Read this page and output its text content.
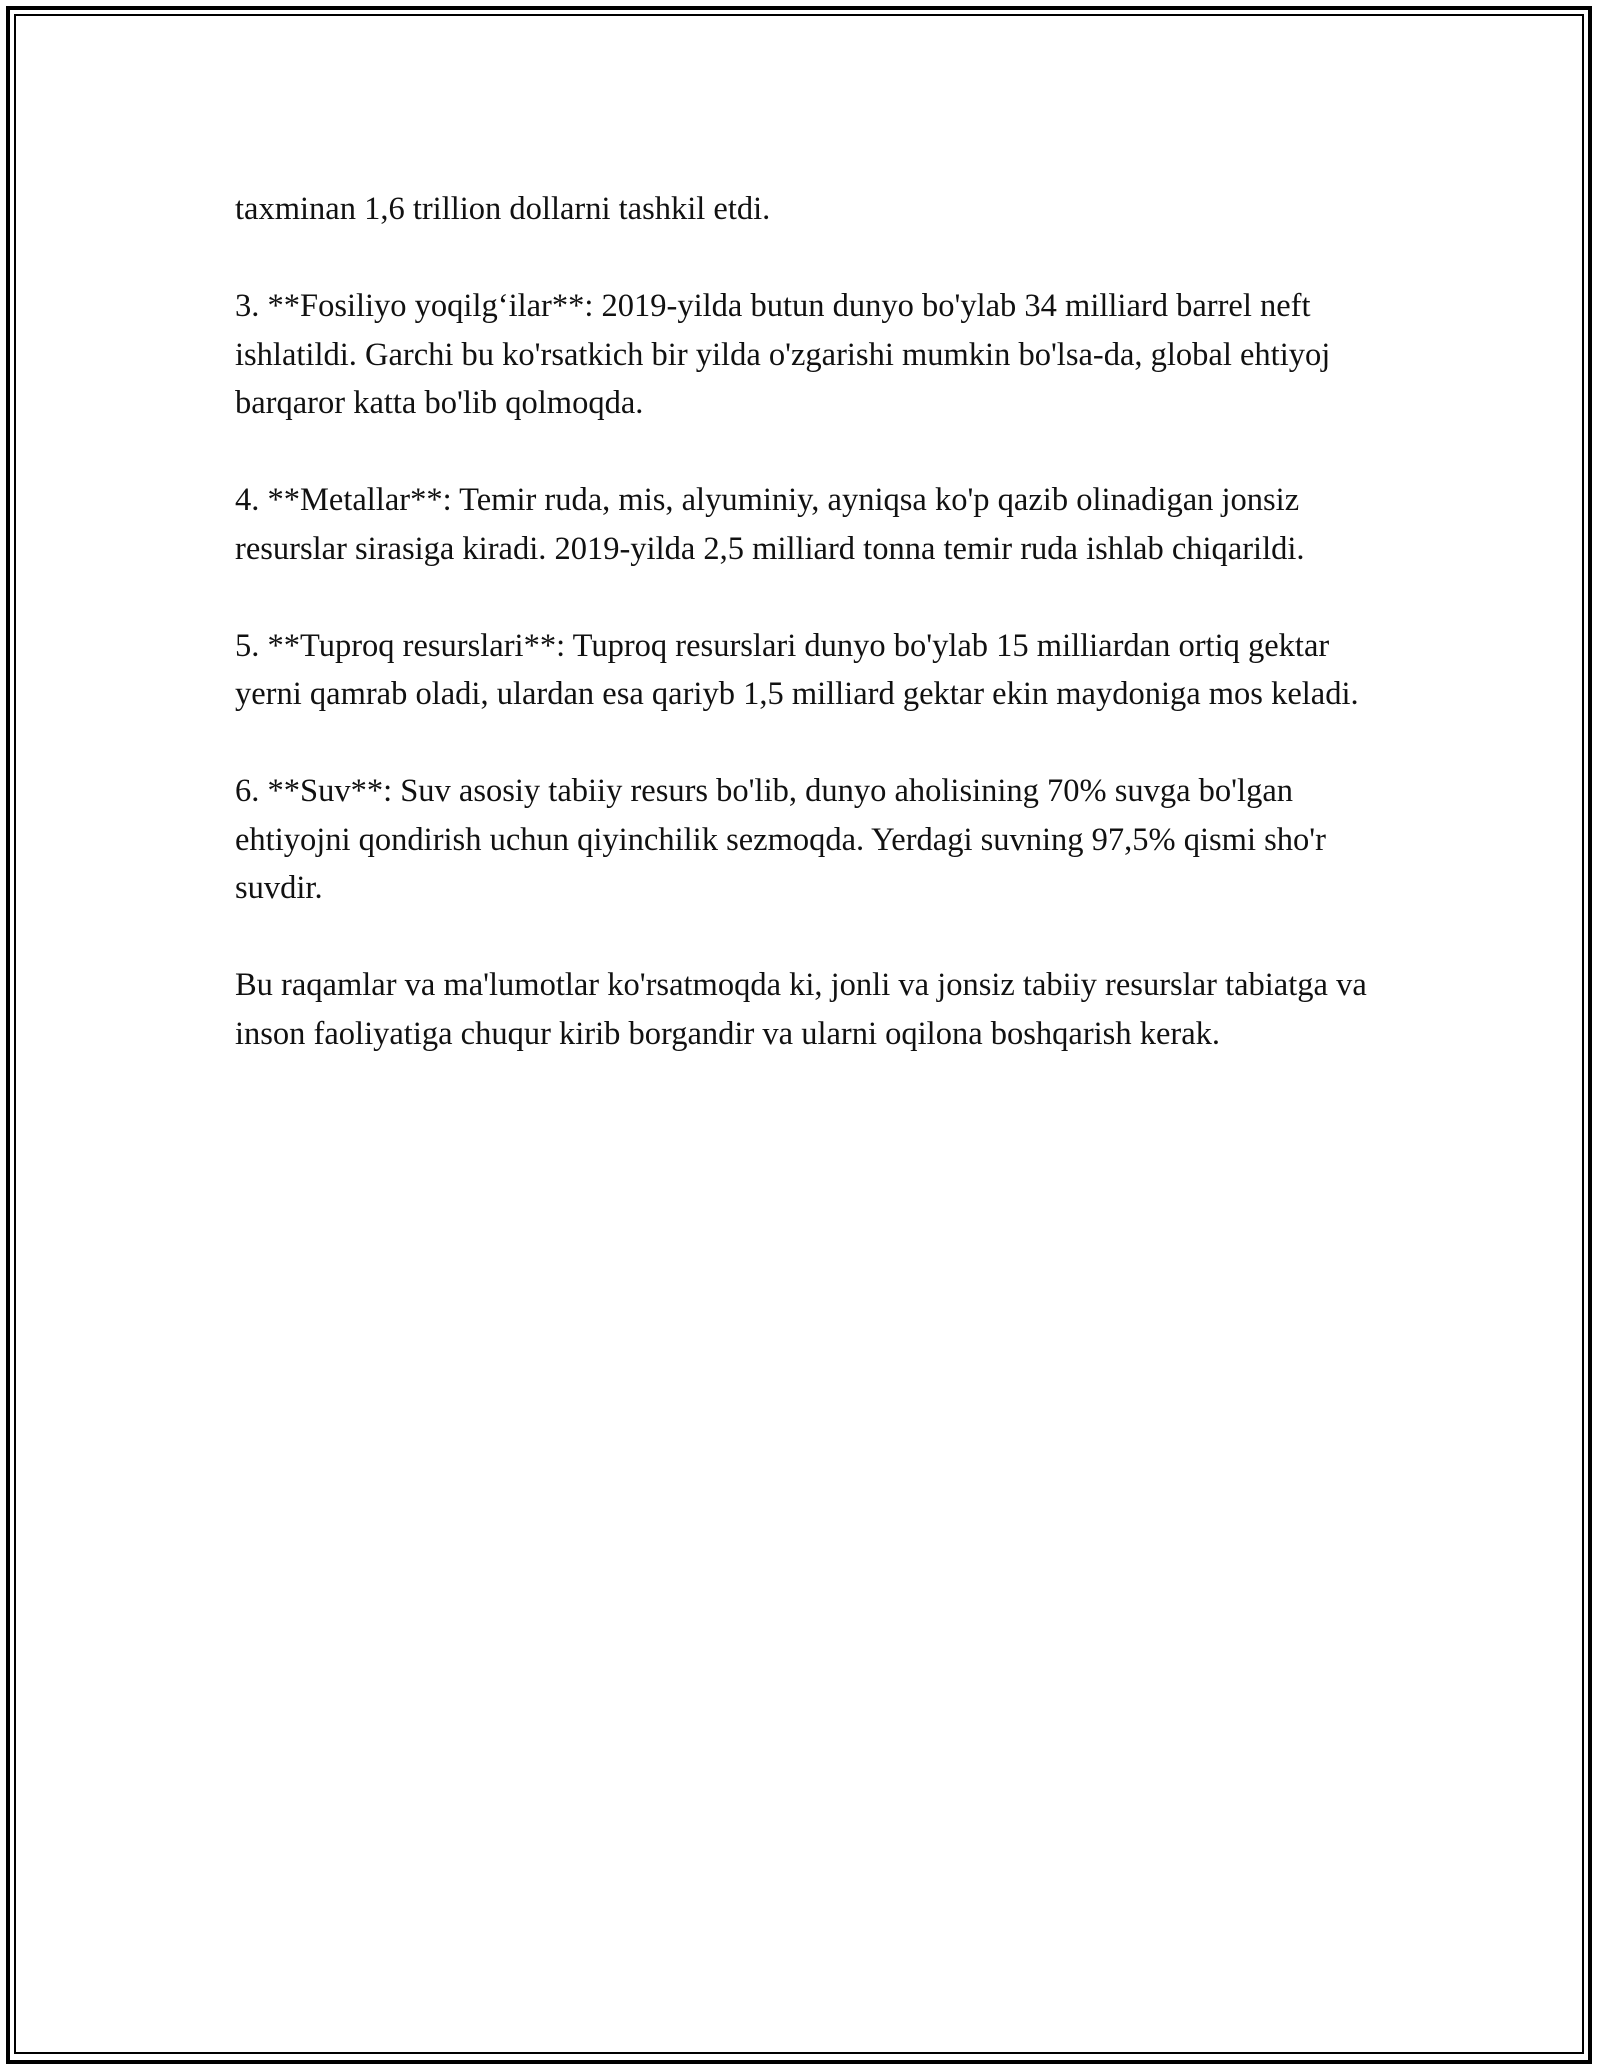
taxminan 1,6 trillion dollarni tashkil etdi.

3. **Fosiliyo yoqilg‘ilar**: 2019-yilda butun dunyo bo'ylab 34 milliard barrel neft ishlatildi. Garchi bu ko'rsatkich bir yilda o'zgarishi mumkin bo'lsa-da, global ehtiyoj barqaror katta bo'lib qolmoqda.

4. **Metallar**: Temir ruda, mis, alyuminiy, ayniqsa ko'p qazib olinadigan jonsiz resurslar sirasiga kiradi. 2019-yilda 2,5 milliard tonna temir ruda ishlab chiqarildi.

5. **Tuproq resurslari**: Tuproq resurslari dunyo bo'ylab 15 milliardan ortiq gektar yerni qamrab oladi, ulardan esa qariyb 1,5 milliard gektar ekin maydoniga mos keladi.

6. **Suv**: Suv asosiy tabiiy resurs bo'lib, dunyo aholisining 70% suvga bo'lgan ehtiyojni qondirish uchun qiyinchilik sezmoqda. Yerdagi suvning 97,5% qismi sho'r suvdir.

Bu raqamlar va ma'lumotlar ko'rsatmoqda ki, jonli va jonsiz tabiiy resurslar tabiatga va inson faoliyatiga chuqur kirib borgandir va ularni oqilona boshqarish kerak.
